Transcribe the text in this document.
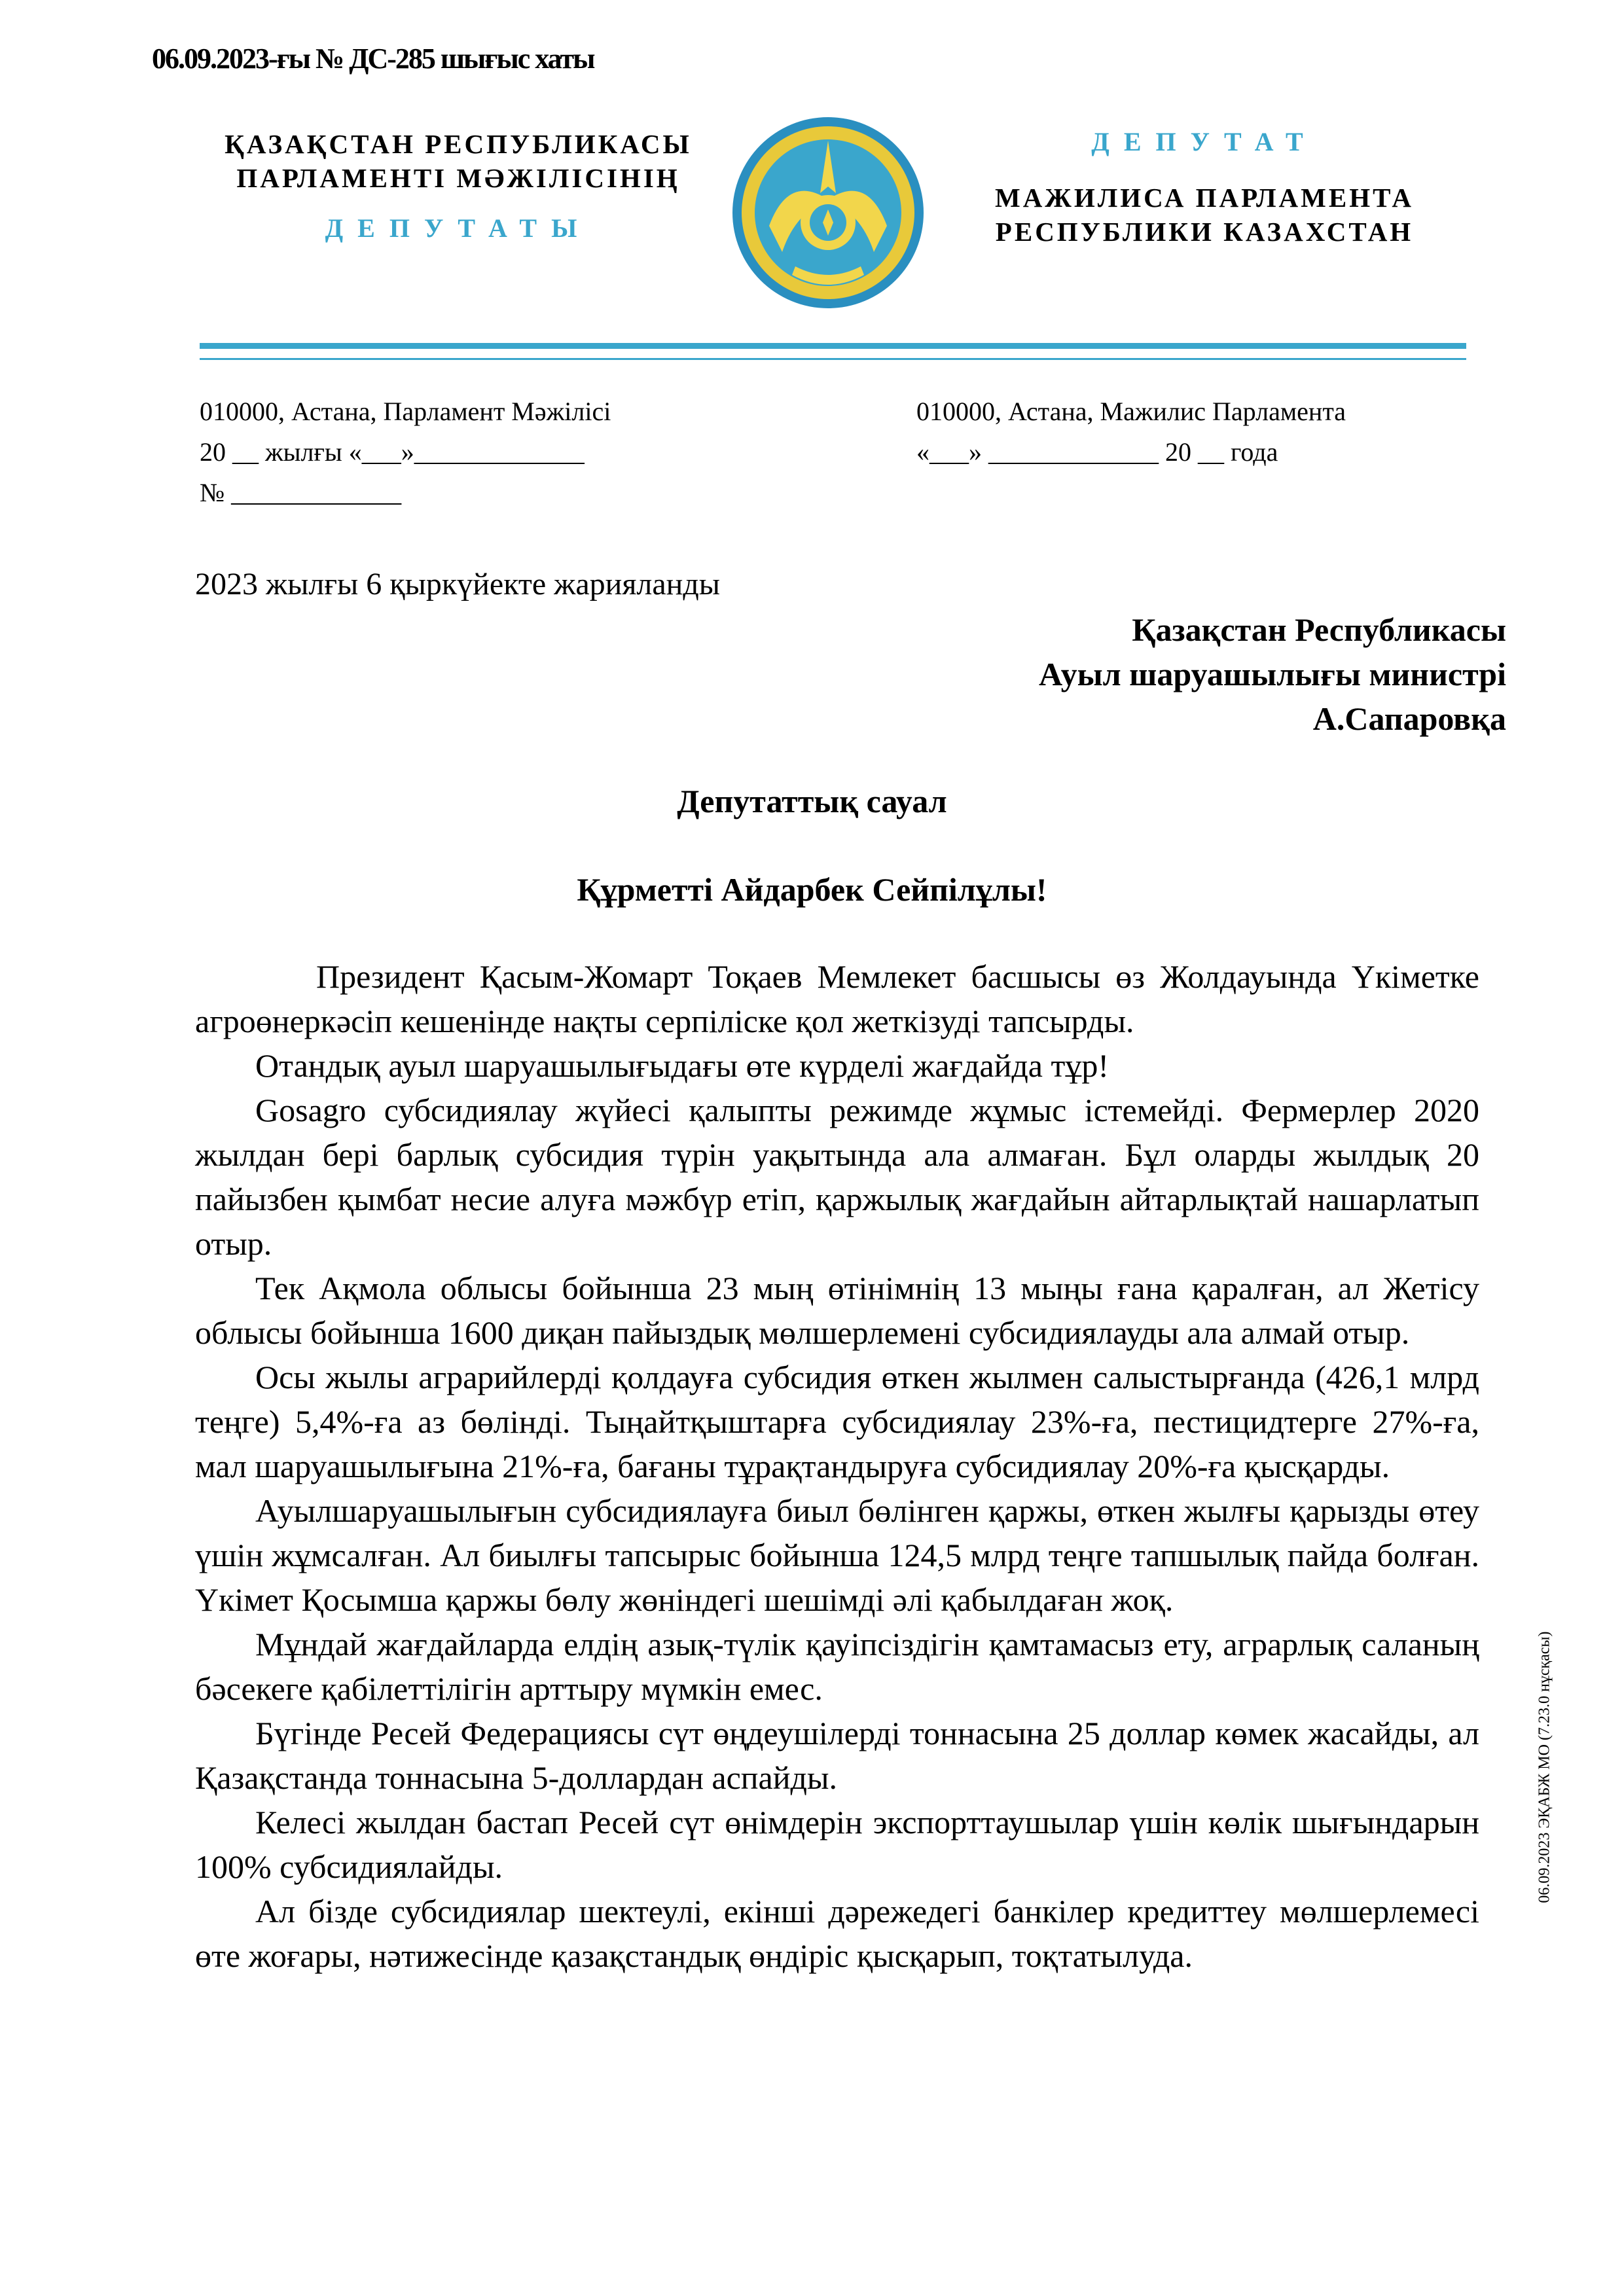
06.09.2023-ғы № ДС-285 шығыс хаты
ҚАЗАҚСТАН РЕСПУБЛИКАСЫ
ПАРЛАМЕНТІ МӘЖІЛІСІНІҢ
ДЕПУТАТЫ
ДЕПУТАТ
МАЖИЛИСА ПАРЛАМЕНТА
РЕСПУБЛИКИ КАЗАХСТАН
010000, Астана, Парламент Мәжілісі
20 __ жылғы «___»_____________
№ _____________
010000, Астана, Мажилис Парламента
«___» _____________ 20 __ года
2023 жылғы 6 қыркүйекте жарияланды
Қазақстан Республикасы
Ауыл шаруашылығы министрі
А.Сапаровқа
Депутаттық сауал
Құрметті Айдарбек Сейпілұлы!

Президент Қасым-Жомарт Тоқаев Мемлекет басшысы өз Жолдауында Үкіметке агроөнеркәсіп кешенінде нақты серпіліске қол жеткізуді тапсырды.

Отандық ауыл шаруашылығыдағы өте күрделі жағдайда тұр!

Gosagro субсидиялау жүйесі қалыпты режимде жұмыс істемейді. Фермерлер 2020 жылдан бері барлық субсидия түрін уақытында ала алмаған. Бұл оларды жылдық 20 пайызбен қымбат несие алуға мәжбүр етіп, қаржылық жағдайын айтарлықтай нашарлатып отыр.

Тек Ақмола облысы бойынша 23 мың өтінімнің 13 мыңы ғана қаралған, ал Жетісу облысы бойынша 1600 диқан пайыздық мөлшерлемені субсидиялауды ала алмай отыр.

Осы жылы аграрийлерді қолдауға субсидия өткен жылмен салыстырғанда (426,1 млрд теңге) 5,4%-ға аз бөлінді. Тыңайтқыштарға субсидиялау 23%-ға, пестицидтерге 27%-ға, мал шаруашылығына 21%-ға, бағаны тұрақтандыруға субсидиялау 20%-ға қысқарды.

Ауылшаруашылығын субсидиялауға биыл бөлінген қаржы, өткен жылғы қарызды өтеу үшін жұмсалған. Ал биылғы тапсырыс бойынша 124,5 млрд теңге тапшылық пайда болған. Үкімет Қосымша қаржы бөлу жөніндегі шешімді әлі қабылдаған жоқ.

Мұндай жағдайларда елдің азық-түлік қауіпсіздігін қамтамасыз ету, аграрлық саланың бәсекеге қабілеттілігін арттыру мүмкін емес.

Бүгінде Ресей Федерациясы сүт өңдеушілерді тоннасына 25 доллар көмек жасайды, ал Қазақстанда тоннасына 5-доллардан аспайды.

Келесі жылдан бастап Ресей сүт өнімдерін экспорттаушылар үшін көлік шығындарын 100% субсидиялайды.

Ал бізде субсидиялар шектеулі, екінші дәрежедегі банкілер кредиттеу мөлшерлемесі өте жоғары, нәтижесінде қазақстандық өндіріс қысқарып, тоқтатылуда.

06.09.2023 ЭҚАБЖ МО (7.23.0 нұсқасы)
